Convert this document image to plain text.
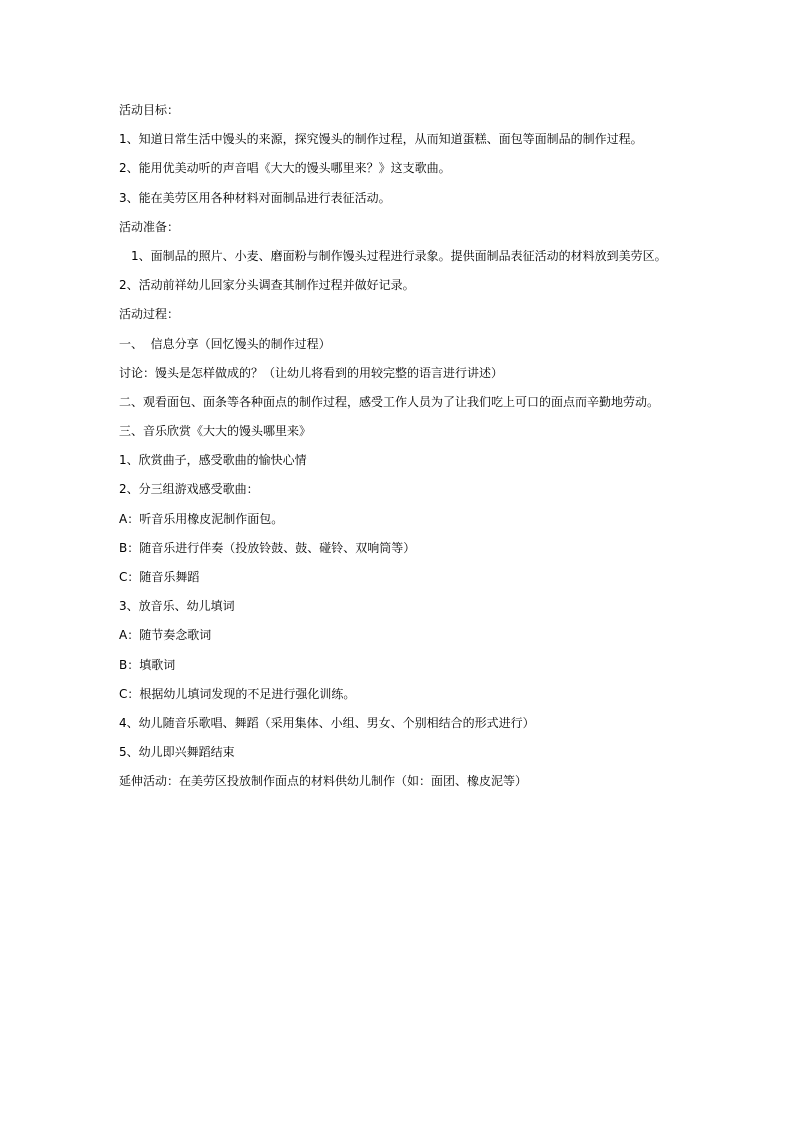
活动目标：
1、知道日常生活中馒头的来源，探究馒头的制作过程，从而知道蛋糕、面包等面制品的制作过程。
2、能用优美动听的声音唱《大大的馒头哪里来？》这支歌曲。
3、能在美劳区用各种材料对面制品进行表征活动。
活动准备：
1、面制品的照片、小麦、磨面粉与制作馒头过程进行录象。提供面制品表征活动的材料放到美劳区。
2、活动前祥幼儿回家分头调查其制作过程并做好记录。
活动过程：
一、  信息分享（回忆馒头的制作过程）
讨论：馒头是怎样做成的？（让幼儿将看到的用较完整的语言进行讲述）
二、观看面包、面条等各种面点的制作过程，感受工作人员为了让我们吃上可口的面点而辛勤地劳动。
三、音乐欣赏《大大的馒头哪里来》
1、欣赏曲子，感受歌曲的愉快心情
2、分三组游戏感受歌曲：
A：听音乐用橡皮泥制作面包。
B：随音乐进行伴奏（投放铃鼓、鼓、碰铃、双响筒等）
C：随音乐舞蹈
3、放音乐、幼儿填词
A：随节奏念歌词
B：填歌词
C：根据幼儿填词发现的不足进行强化训练。
4、幼儿随音乐歌唱、舞蹈（采用集体、小组、男女、个别相结合的形式进行）
5、幼儿即兴舞蹈结束
延伸活动：在美劳区投放制作面点的材料供幼儿制作（如：面团、橡皮泥等）
